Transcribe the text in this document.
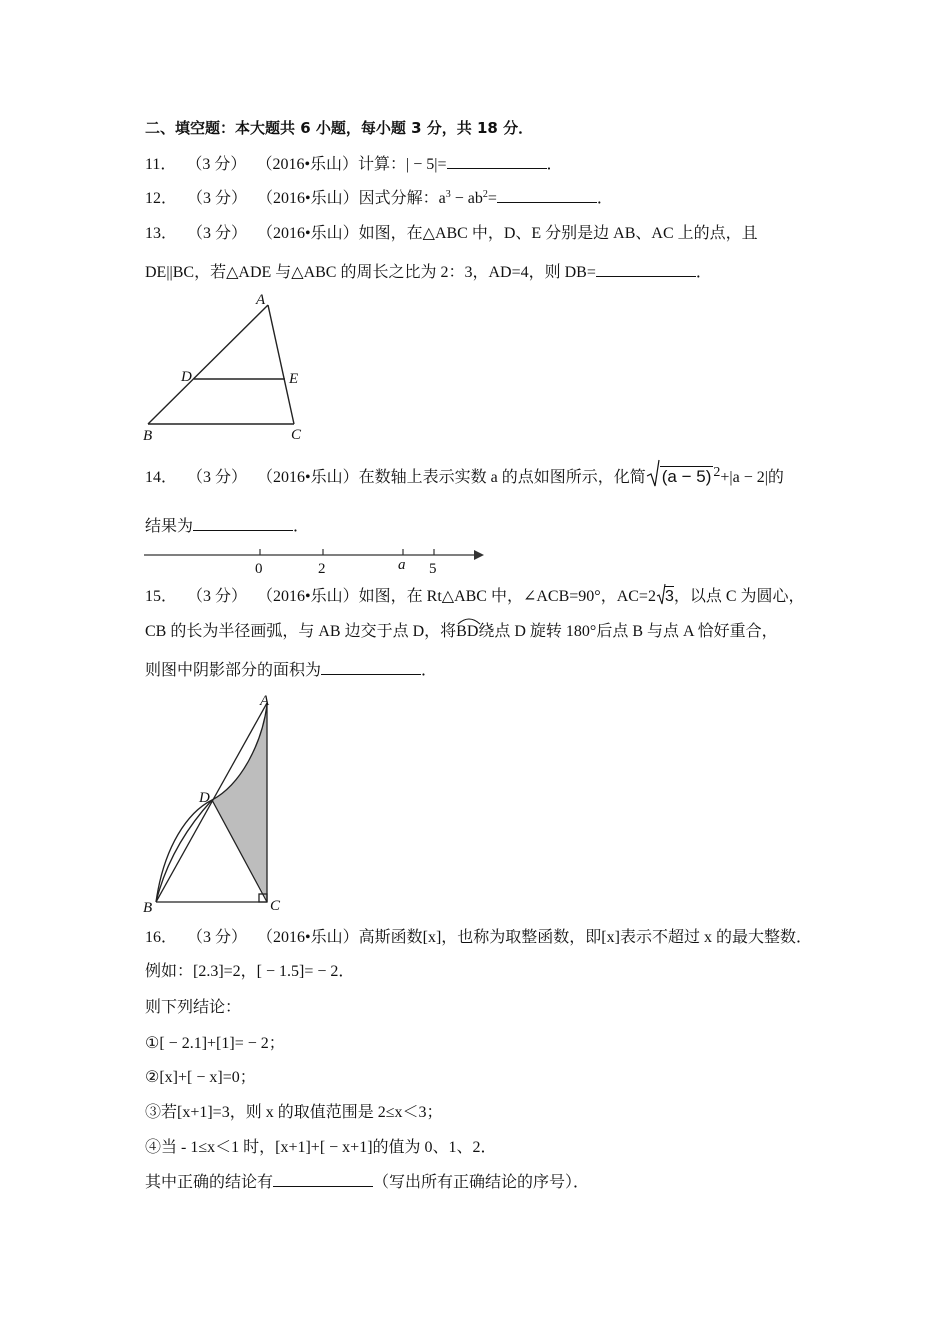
二、填空题：本大题共 6 小题，每小题 3 分，共 18 分．
11． （3 分） （2016•乐山）计算：| − 5|=	．
12． （3 分） （2016•乐山）因式分解：$a^3 - ab^2=$	．
13． （3 分） （2016•乐山）如图，在△ABC 中，D、E 分别是边 AB、AC 上的点，且
DE||BC，若△ADE 与△ABC 的周长之比为 2：3，AD=4，则 DB=	．
A
B	C
D	E
14． （3 分） （2016•乐山）在数轴上表示实数 a 的点如图所示，化简 (a − 5) $^2$+|a − 2|的
结果为	．
0	2	a 5
15． （3 分） （2016•乐山）如图，在 Rt△ABC 中，∠ACB=90°，AC=2 3，以点 C 为圆心，
CB 的长为半径画弧，与 AB 边交于点 D，将
BD绕点 D 旋转 180°后点 B 与点 A 恰好重合，
则图中阴影部分的面积为	．
A
B	C
D
16． （3 分） （2016•乐山）高斯函数[x]，也称为取整函数，即[x]表示不超过 x 的最大整数．
例如：[2.3]=2，[ − 1.5]= − 2．
则下列结论：
①[ − 2.1]+[1]= − 2；
②[x]+[ − x]=0；
③若[x+1]=3，则 x 的取值范围是 2≤x＜3；
④当 - 1≤x＜1 时，[x+1]+[ − x+1]的值为 0、1、2．
其中正确的结论有	（写出所有正确结论的序号）．
